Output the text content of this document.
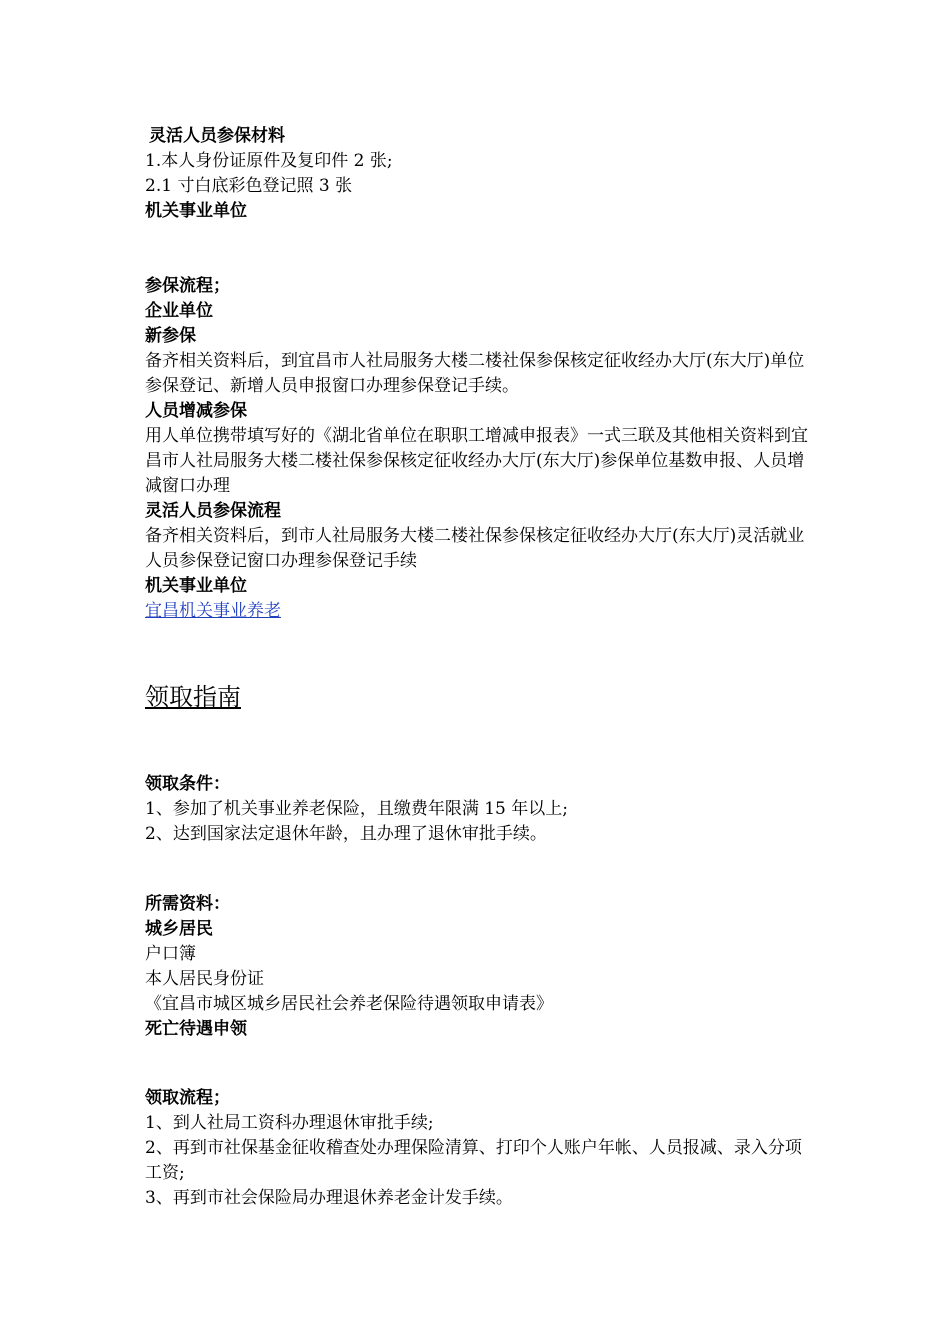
灵活人员参保材料

1.本人身份证原件及复印件 2 张;

2.1 寸白底彩色登记照 3 张

机关事业单位

参保流程；

企业单位

新参保

备齐相关资料后，到宜昌市人社局服务大楼二楼社保参保核定征收经办大厅(东大厅)单位参保登记、新增人员申报窗口办理参保登记手续。

人员增减参保

用人单位携带填写好的《湖北省单位在职职工增减申报表》一式三联及其他相关资料到宜昌市人社局服务大楼二楼社保参保核定征收经办大厅(东大厅)参保单位基数申报、人员增减窗口办理

灵活人员参保流程

备齐相关资料后，到市人社局服务大楼二楼社保参保核定征收经办大厅(东大厅)灵活就业人员参保登记窗口办理参保登记手续

机关事业单位

宜昌机关事业养老

领取指南

领取条件：

1、参加了机关事业养老保险，且缴费年限满 15 年以上;

2、达到国家法定退休年龄，且办理了退休审批手续。

所需资料：

城乡居民

户口簿

本人居民身份证

《宜昌市城区城乡居民社会养老保险待遇领取申请表》

死亡待遇申领

领取流程；

1、到人社局工资科办理退休审批手续;

2、再到市社保基金征收稽查处办理保险清算、打印个人账户年帐、人员报减、录入分项工资;

3、再到市社会保险局办理退休养老金计发手续。
